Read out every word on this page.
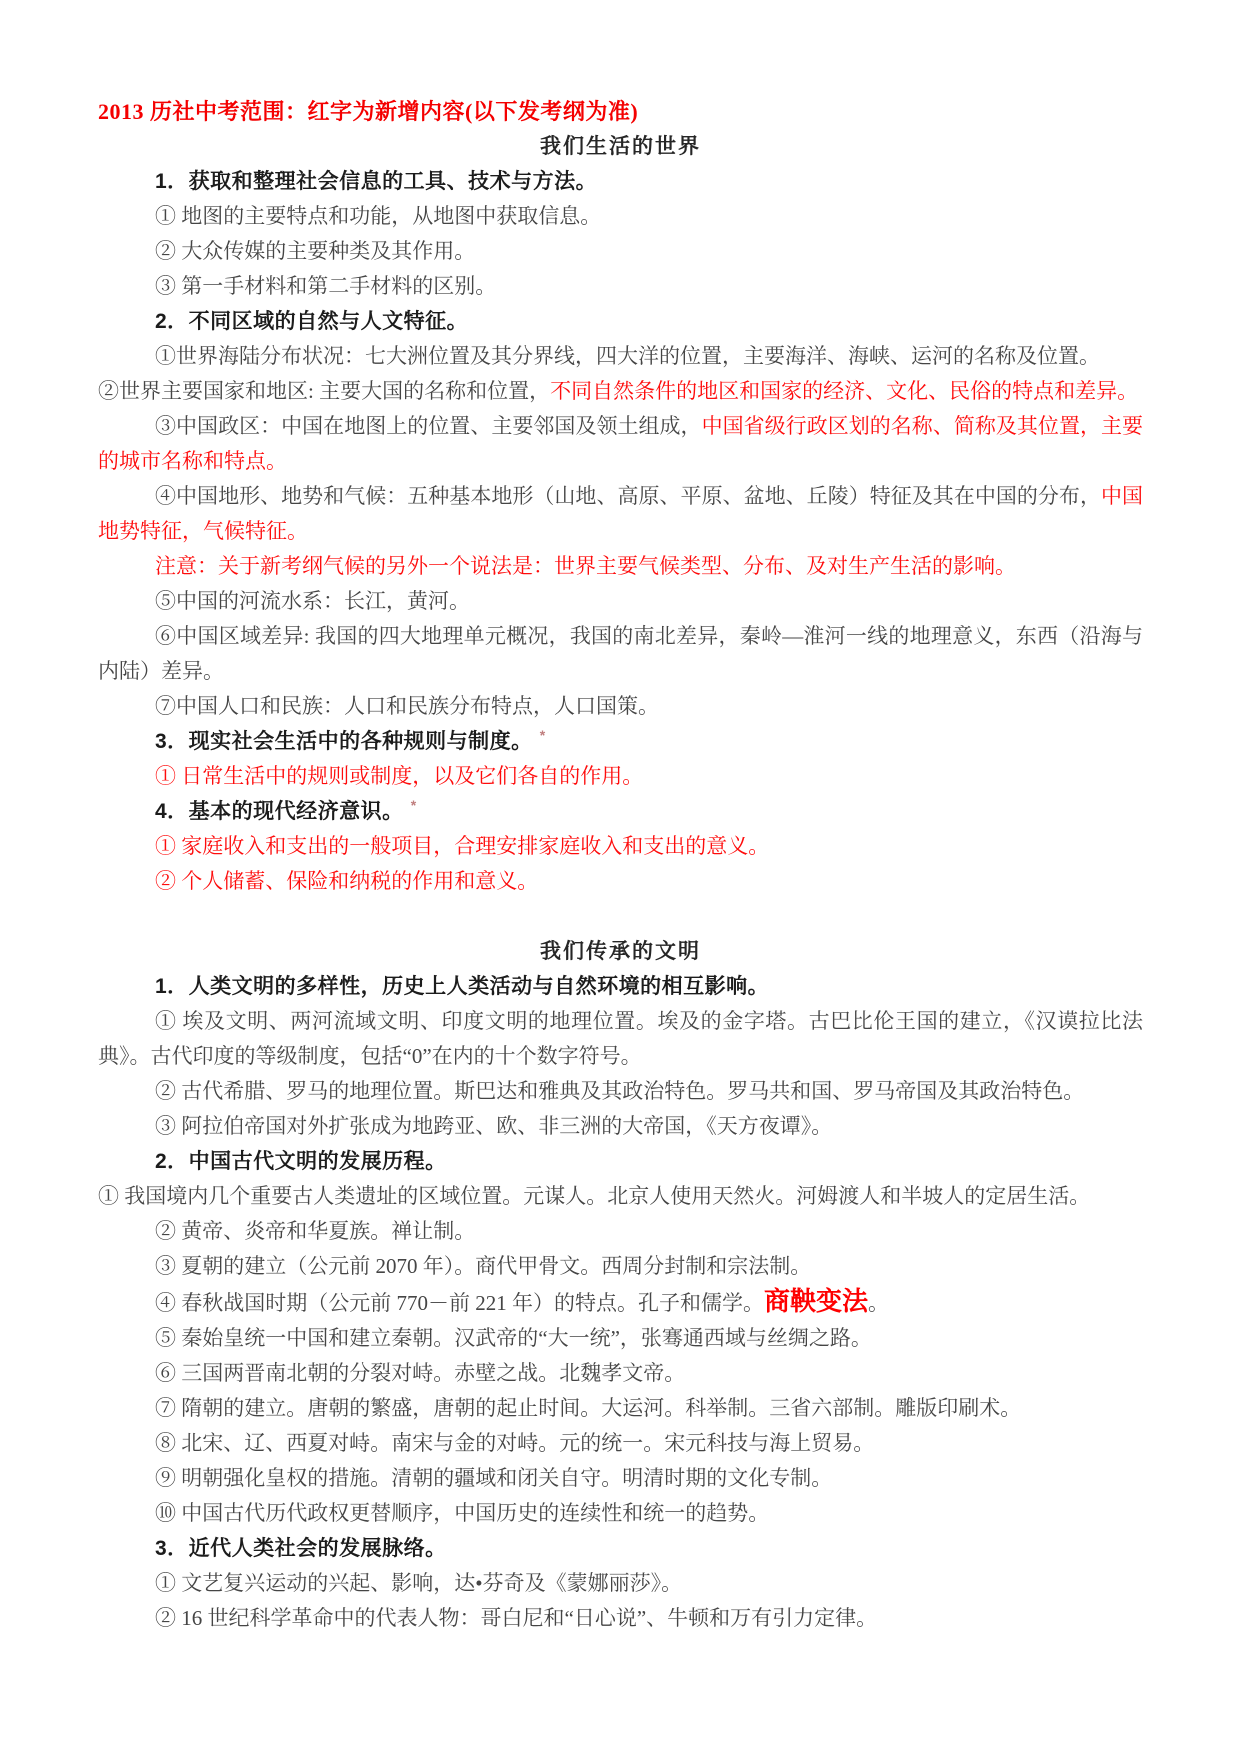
2013 历社中考范围：红字为新增内容(以下发考纲为准)
我们生活的世界

1．获取和整理社会信息的工具、技术与方法。

① 地图的主要特点和功能，从地图中获取信息。

② 大众传媒的主要种类及其作用。

③ 第一手材料和第二手材料的区别。

2．不同区域的自然与人文特征。

①世界海陆分布状况：七大洲位置及其分界线，四大洋的位置，主要海洋、海峡、运河的名称及位置。

②世界主要国家和地区: 主要大国的名称和位置，不同自然条件的地区和国家的经济、文化、民俗的特点和差异。

③中国政区：中国在地图上的位置、主要邻国及领土组成，中国省级行政区划的名称、简称及其位置，主要的城市名称和特点。

④中国地形、地势和气候：五种基本地形（山地、高原、平原、盆地、丘陵）特征及其在中国的分布，中国地势特征，气候特征。

注意：关于新考纲气候的另外一个说法是：世界主要气候类型、分布、及对生产生活的影响。

⑤中国的河流水系：长江，黄河。

⑥中国区域差异: 我国的四大地理单元概况，我国的南北差异，秦岭—淮河一线的地理意义，东西（沿海与内陆）差异。

⑦中国人口和民族：人口和民族分布特点，人口国策。

3．现实社会生活中的各种规则与制度。 *

① 日常生活中的规则或制度，以及它们各自的作用。

4．基本的现代经济意识。 *

① 家庭收入和支出的一般项目，合理安排家庭收入和支出的意义。

② 个人储蓄、保险和纳税的作用和意义。

我们传承的文明

1．人类文明的多样性，历史上人类活动与自然环境的相互影响。

① 埃及文明、两河流域文明、印度文明的地理位置。埃及的金字塔。古巴比伦王国的建立，《汉谟拉比法典》。古代印度的等级制度，包括“0”在内的十个数字符号。

② 古代希腊、罗马的地理位置。斯巴达和雅典及其政治特色。罗马共和国、罗马帝国及其政治特色。

③ 阿拉伯帝国对外扩张成为地跨亚、欧、非三洲的大帝国，《天方夜谭》。

2．中国古代文明的发展历程。

① 我国境内几个重要古人类遗址的区域位置。元谋人。北京人使用天然火。河姆渡人和半坡人的定居生活。

② 黄帝、炎帝和华夏族。禅让制。

③ 夏朝的建立（公元前 2070 年）。商代甲骨文。西周分封制和宗法制。

④ 春秋战国时期（公元前 770－前 221 年）的特点。孔子和儒学。商鞅变法。

⑤ 秦始皇统一中国和建立秦朝。汉武帝的“大一统”，张骞通西域与丝绸之路。

⑥ 三国两晋南北朝的分裂对峙。赤壁之战。北魏孝文帝。

⑦ 隋朝的建立。唐朝的繁盛，唐朝的起止时间。大运河。科举制。三省六部制。雕版印刷术。

⑧ 北宋、辽、西夏对峙。南宋与金的对峙。元的统一。宋元科技与海上贸易。

⑨ 明朝强化皇权的措施。清朝的疆域和闭关自守。明清时期的文化专制。

⑩ 中国古代历代政权更替顺序，中国历史的连续性和统一的趋势。

3．近代人类社会的发展脉络。

① 文艺复兴运动的兴起、影响，达•芬奇及《蒙娜丽莎》。

② 16 世纪科学革命中的代表人物：哥白尼和“日心说”、牛顿和万有引力定律。
